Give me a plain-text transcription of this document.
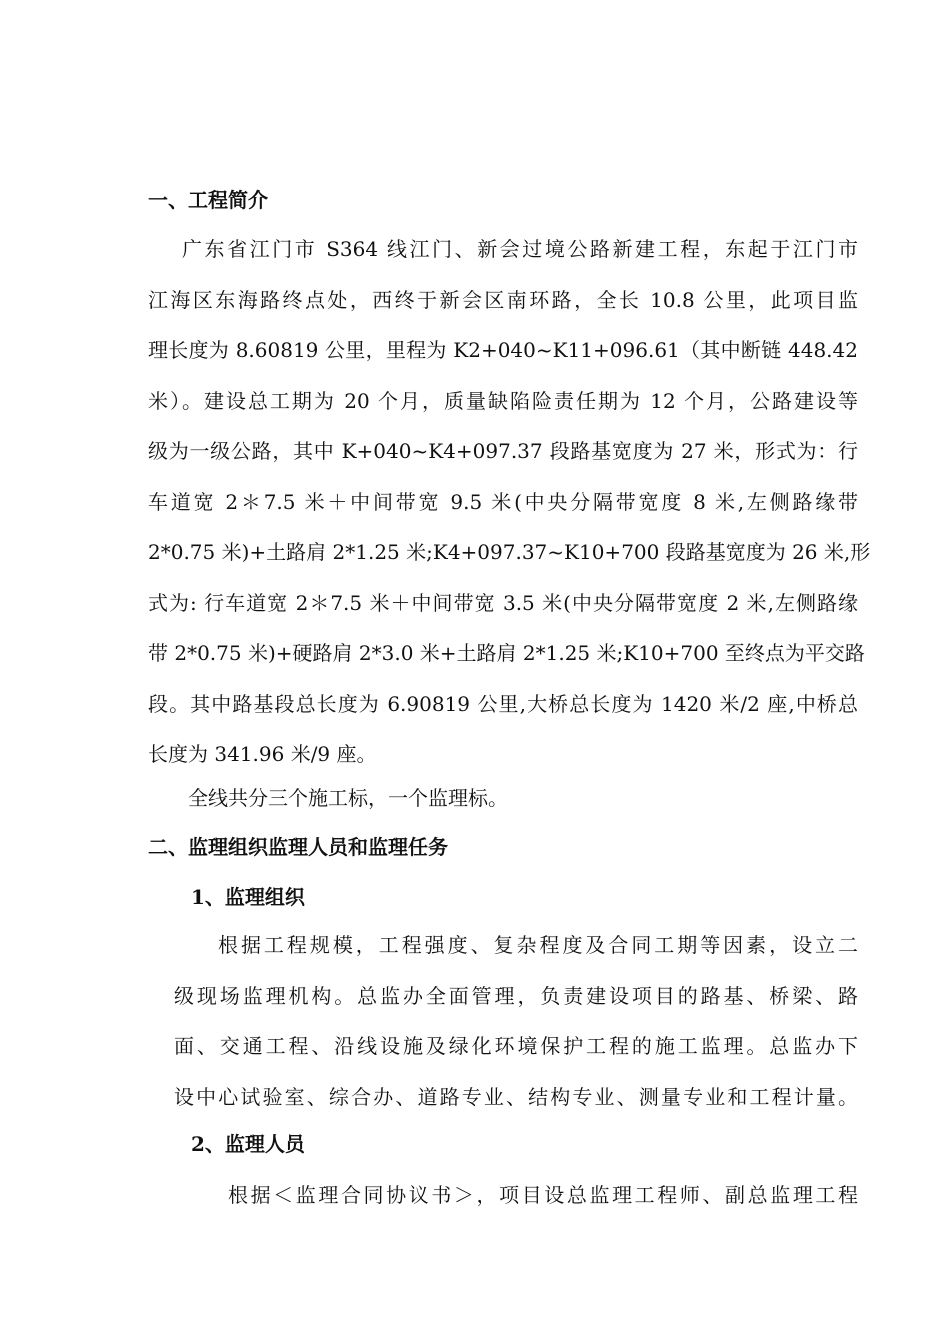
一、工程简介
广东省江门市 S364 线江门、新会过境公路新建工程，东起于江门市
江海区东海路终点处，西终于新会区南环路，全长 10.8 公里，此项目监
理长度为 8.60819 公里，里程为 K2+040~K11+096.61（其中断链 448.42
米）。建设总工期为 20 个月，质量缺陷险责任期为 12 个月，公路建设等
级为一级公路，其中 K+040~K4+097.37 段路基宽度为 27 米，形式为：行
车道宽 2＊7.5 米＋中间带宽 9.5 米(中央分隔带宽度 8 米,左侧路缘带
2*0.75 米)+土路肩 2*1.25 米;K4+097.37~K10+700 段路基宽度为 26 米,形
式为: 行车道宽 2＊7.5 米＋中间带宽 3.5 米(中央分隔带宽度 2 米,左侧路缘
带 2*0.75 米)+硬路肩 2*3.0 米+土路肩 2*1.25 米;K10+700 至终点为平交路
段。其中路基段总长度为 6.90819 公里,大桥总长度为 1420 米/2 座,中桥总
长度为 341.96 米/9 座。
全线共分三个施工标，一个监理标。
二、监理组织监理人员和监理任务
1、监理组织
根据工程规模，工程强度、复杂程度及合同工期等因素，设立二
级现场监理机构。总监办全面管理，负责建设项目的路基、桥梁、路
面、交通工程、沿线设施及绿化环境保护工程的施工监理。总监办下
设中心试验室、综合办、道路专业、结构专业、测量专业和工程计量。
2、监理人员
根据＜监理合同协议书＞，项目设总监理工程师、副总监理工程
